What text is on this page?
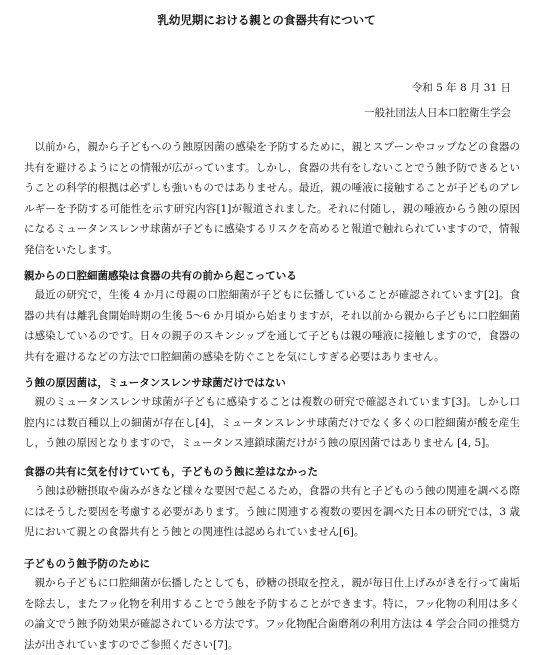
乳幼児期における親との食器共有について
令和 5 年 8 月 31 日
一般社団法人日本口腔衛生学会

以前から，親から子どもへのう蝕原因菌の感染を予防するために，親とスプーンやコップなどの食器の共有を避けるようにとの情報が広がっています。しかし，食器の共有をしないことでう蝕予防できるということの科学的根拠は必ずしも強いものではありません。最近，親の唾液に接触することが子どものアレルギーを予防する可能性を示す研究内容[1]が報道されました。それに付随し，親の唾液からう蝕の原因になるミュータンスレンサ球菌が子どもに感染するリスクを高めると報道で触れられていますので，情報発信をいたします。

親からの口腔細菌感染は食器の共有の前から起こっている

最近の研究で，生後 4 か月に母親の口腔細菌が子どもに伝播していることが確認されています[2]。食器の共有は離乳食開始時期の生後 5～6 か月頃から始まりますが，それ以前から親から子どもに口腔細菌は感染しているのです。日々の親子のスキンシップを通して子どもは親の唾液に接触しますので，食器の共有を避けるなどの方法で口腔細菌の感染を防ぐことを気にしすぎる必要はありません。

う蝕の原因菌は，ミュータンスレンサ球菌だけではない

親のミュータンスレンサ球菌が子どもに感染することは複数の研究で確認されています[3]。しかし口腔内には数百種以上の細菌が存在し[4]，ミュータンスレンサ球菌だけでなく多くの口腔細菌が酸を産生し，う蝕の原因となりますので，ミュータンス連鎖球菌だけがう蝕の原因菌ではありません [4, 5]。

食器の共有に気を付けていても，子どものう蝕に差はなかった

う蝕は砂糖摂取や歯みがきなど様々な要因で起こるため，食器の共有と子どものう蝕の関連を調べる際にはそうした要因を考慮する必要があります。う蝕に関連する複数の要因を調べた日本の研究では，3 歳児において親との食器共有とう蝕との関連性は認められていません[6]。

子どものう蝕予防のために

親から子どもに口腔細菌が伝播したとしても，砂糖の摂取を控え，親が毎日仕上げみがきを行って歯垢を除去し，またフッ化物を利用することでう蝕を予防することができます。特に，フッ化物の利用は多くの論文でう蝕予防効果が確認されている方法です。フッ化物配合歯磨剤の利用方法は 4 学会合同の推奨方法が出されていますのでご参照ください[7]。
